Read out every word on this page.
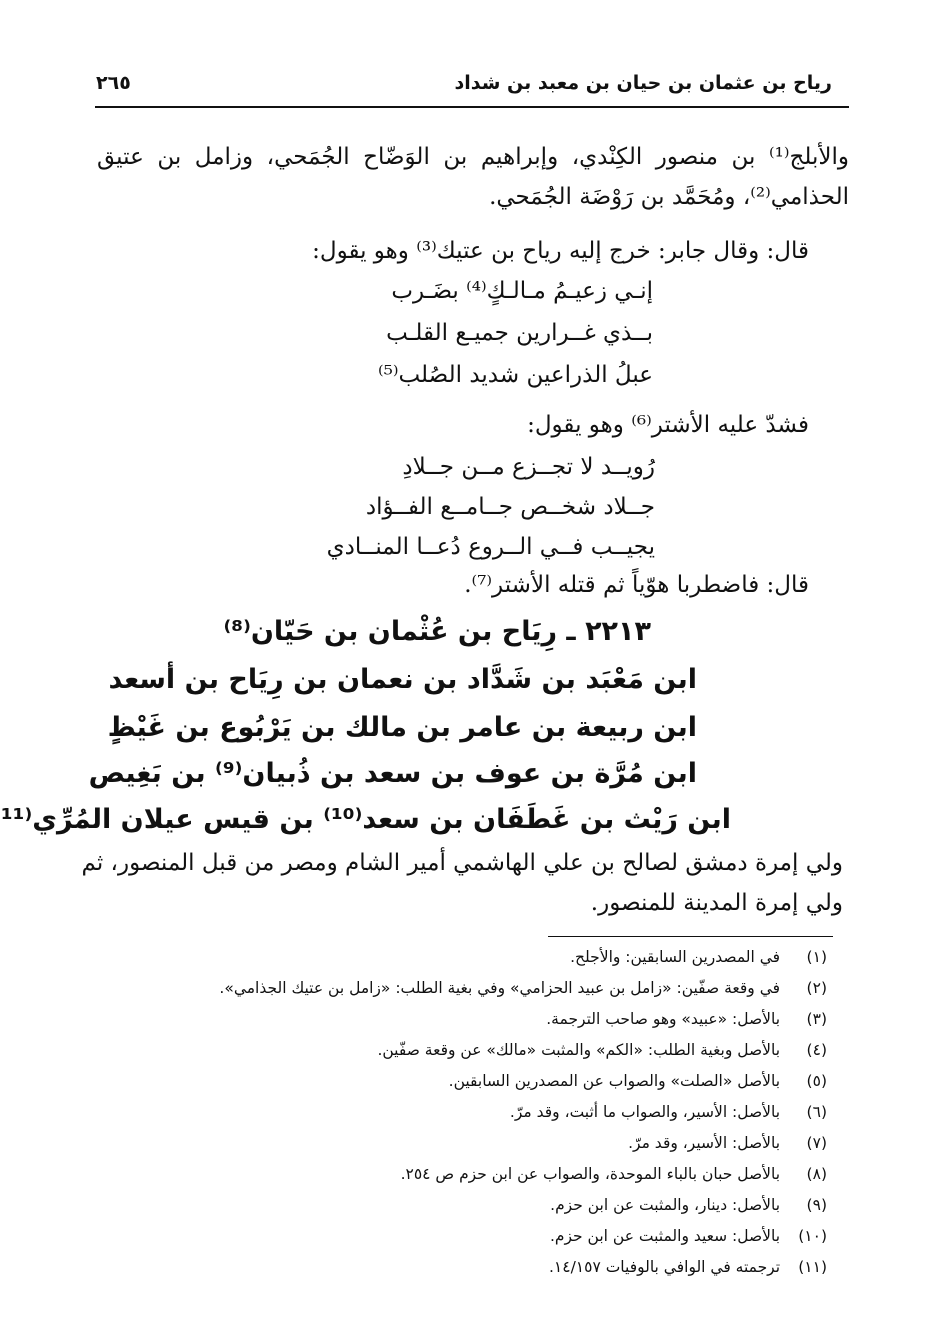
رياح بن عثمان بن حيان بن معبد بن شداد
٢٦٥
والأبلج⁽¹⁾ بن منصور الكِنْدي، وإبراهيم بن الوَضّاح الجُمَحي، وزامل بن عتيق
الحذامي⁽²⁾، ومُحَمَّد بن رَوْضَة الجُمَحي.
قال: وقال جابر: خرج إليه رياح بن عتيك⁽³⁾ وهو يقول:
إنـي زعيـمُ مـالـكٍ⁽⁴⁾ بضَـرب
بــذي غــرارين جميـع القلـب
عبلُ الذراعين شديد الصُلب⁽⁵⁾
فشدّ عليه الأشتر⁽⁶⁾ وهو يقول:
رُويــد لا تجــزع مــن جــلادِ
جــلاد شخــص جــامــع الفــؤاد
يجيــب فــي الــروع دُعــا المنــادي
قال: فاضطربا هوّياً ثم قتله الأشتر⁽⁷⁾.
٢٢١٣ ـ رِيَاح بن عُثْمان بن حَيّان⁽⁸⁾
ابن مَعْبَد بن شَدَّاد بن نعمان بن رِيَاح بن أسعد
ابن ربيعة بن عامر بن مالك بن يَرْبُوع بن غَيْظٍ
ابن مُرَّة بن عوف بن سعد بن ذُبيان⁽⁹⁾ بن بَغِيص
ابن رَيْث بن غَطَفَان بن سعد⁽¹⁰⁾ بن قيس عيلان المُرِّي⁽¹¹
ولي إمرة دمشق لصالح بن علي الهاشمي أمير الشام ومصر من قبل المنصور، ثم
ولي إمرة المدينة للمنصور.
(١) في المصدرين السابقين: والأجلح.
(٢) في وقعة صفّين: «زامل بن عبيد الحزامي» وفي بغية الطلب: «زامل بن عتيك الجذامي».
(٣) بالأصل: «عبيد» وهو صاحب الترجمة.
(٤) بالأصل وبغية الطلب: «الكم» والمثبت «مالك» عن وقعة صفّين.
(٥) بالأصل «الصلت» والصواب عن المصدرين السابقين.
(٦) بالأصل: الأسير، والصواب ما أثبت، وقد مرّ.
(٧) بالأصل: الأسير، وقد مرّ.
(٨) بالأصل حبان بالباء الموحدة، والصواب عن ابن حزم ص ٢٥٤.
(٩) بالأصل: دينار، والمثبت عن ابن حزم.
(١٠) بالأصل: سعيد والمثبت عن ابن حزم.
(١١) ترجمته في الوافي بالوفيات ١٤/١٥٧.
